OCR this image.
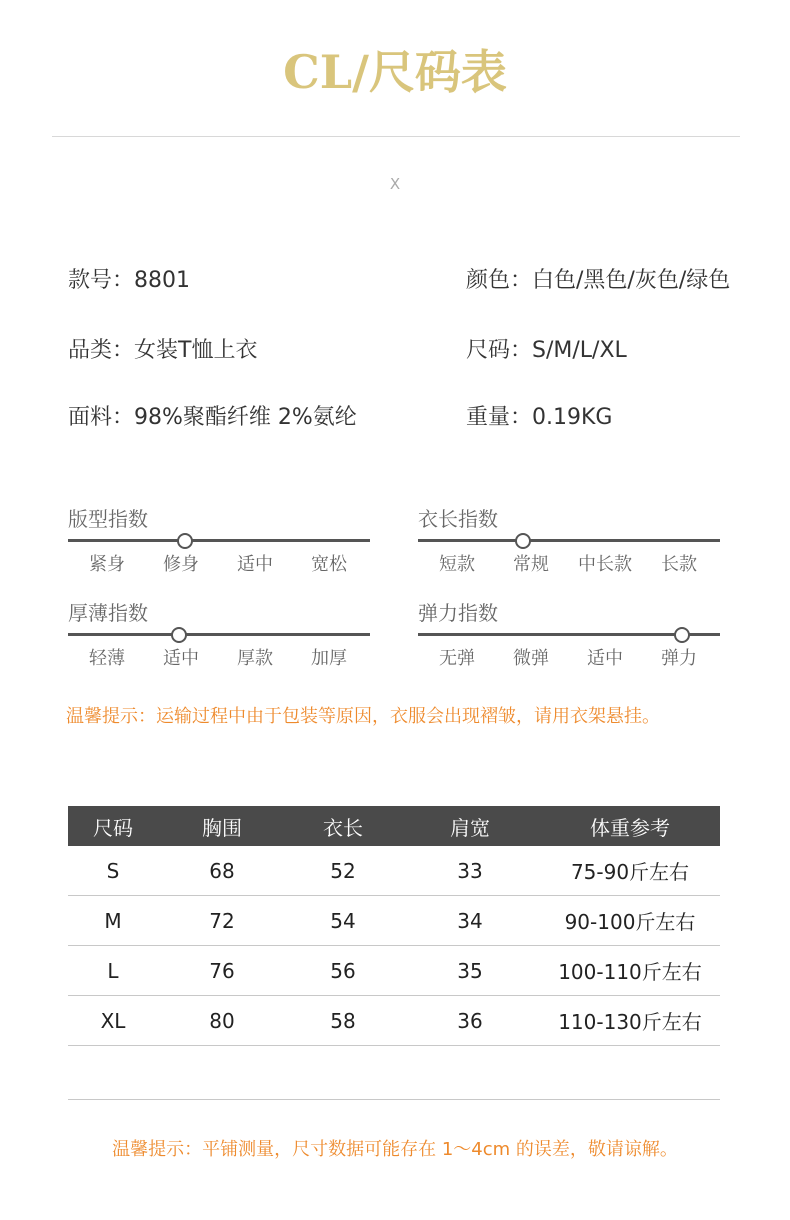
CL/尺码表
X
款号：8801	颜色：白色/黑色/灰色/绿色
品类：女装T恤上衣	尺码：S/M/L/XL
面料：98%聚酯纤维 2%氨纶	重量：0.19KG
版型指数
紧身	修身	适中	宽松
衣长指数
短款	常规	中长款	长款
厚薄指数
轻薄	适中	厚款	加厚
弹力指数
无弹	微弹	适中	弹力
温馨提示：运输过程中由于包装等原因，衣服会出现褶皱，请用衣架悬挂。
尺码	胸围	衣长	肩宽	体重参考
S	68	52	33	75-90斤左右
M	72	54	34	90-100斤左右
L	76	56	35	100-110斤左右
XL	80	58	36	110-130斤左右
温馨提示：平铺测量，尺寸数据可能存在 1～4cm 的误差，敬请谅解。
